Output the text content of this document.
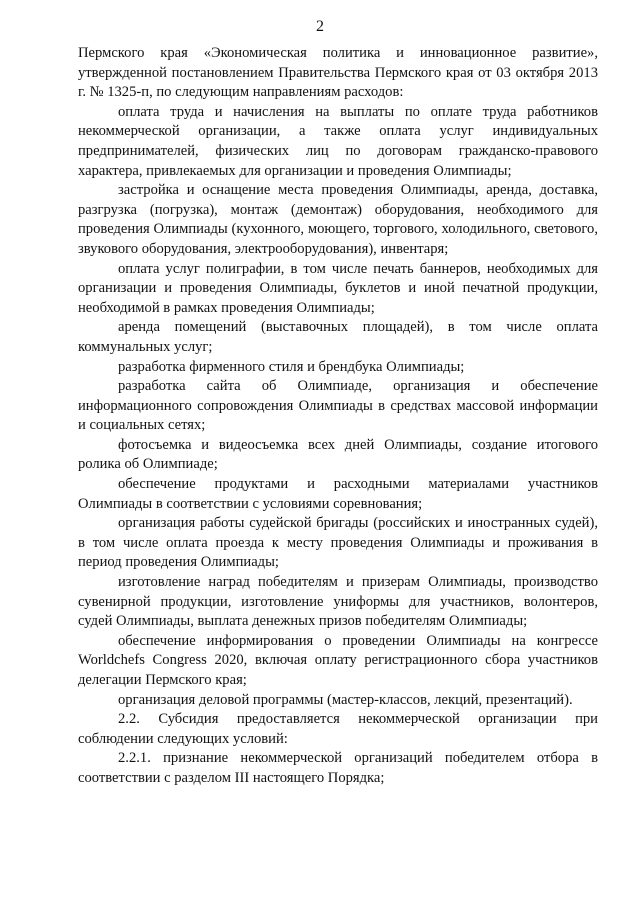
2

Пермского края «Экономическая политика и инновационное развитие», утвержденной постановлением Правительства Пермского края от 03 октября 2013 г. № 1325-п, по следующим направлениям расходов:

оплата труда и начисления на выплаты по оплате труда работников некоммерческой организации, а также оплата услуг индивидуальных предпринимателей, физических лиц по договорам гражданско-правового характера, привлекаемых для организации и проведения Олимпиады;

застройка и оснащение места проведения Олимпиады, аренда, доставка, разгрузка (погрузка), монтаж (демонтаж) оборудования, необходимого для проведения Олимпиады (кухонного, моющего, торгового, холодильного, светового, звукового оборудования, электрооборудования), инвентаря;

оплата услуг полиграфии, в том числе печать баннеров, необходимых для организации и проведения Олимпиады, буклетов и иной печатной продукции, необходимой в рамках проведения Олимпиады;

аренда помещений (выставочных площадей), в том числе оплата коммунальных услуг;

разработка фирменного стиля и брендбука Олимпиады;

разработка сайта об Олимпиаде, организация и обеспечение информационного сопровождения Олимпиады в средствах массовой информации и социальных сетях;

фотосъемка и видеосъемка всех дней Олимпиады, создание итогового ролика об Олимпиаде;

обеспечение продуктами и расходными материалами участников Олимпиады в соответствии с условиями соревнования;

организация работы судейской бригады (российских и иностранных судей), в том числе оплата проезда к месту проведения Олимпиады и проживания в период проведения Олимпиады;

изготовление наград победителям и призерам Олимпиады, производство сувенирной продукции, изготовление униформы для участников, волонтеров, судей Олимпиады, выплата денежных призов победителям Олимпиады;

обеспечение информирования о проведении Олимпиады на конгрессе Worldchefs Congress 2020, включая оплату регистрационного сбора участников делегации Пермского края;

организация деловой программы (мастер-классов, лекций, презентаций).

2.2. Субсидия предоставляется некоммерческой организации при соблюдении следующих условий:

2.2.1. признание некоммерческой организаций победителем отбора в соответствии с разделом III настоящего Порядка;
